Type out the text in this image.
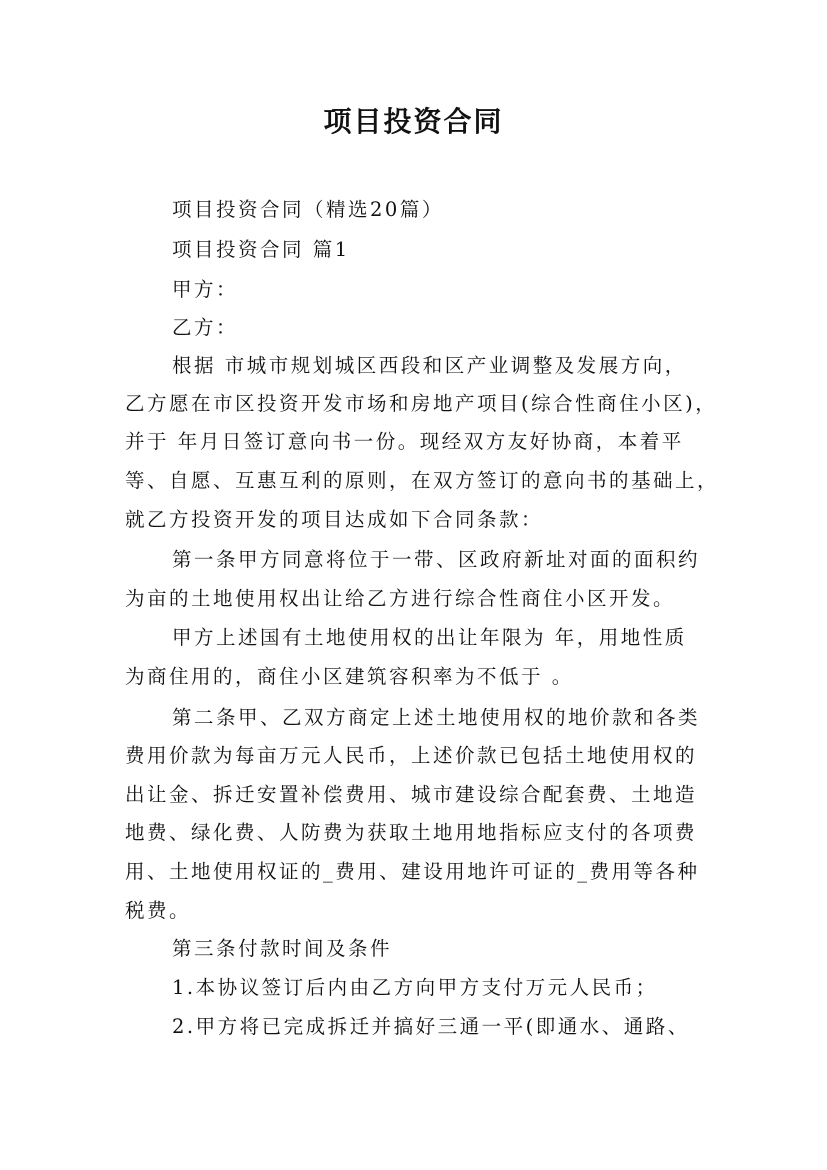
项目投资合同
项目投资合同（精选20篇）
项目投资合同 篇1
甲方：
乙方：
根据 市城市规划城区西段和区产业调整及发展方向，
乙方愿在市区投资开发市场和房地产项目(综合性商住小区)，
并于 年月日签订意向书一份。现经双方友好协商，本着平
等、自愿、互惠互利的原则，在双方签订的意向书的基础上，
就乙方投资开发的项目达成如下合同条款：
第一条甲方同意将位于一带、区政府新址对面的面积约
为亩的土地使用权出让给乙方进行综合性商住小区开发。
甲方上述国有土地使用权的出让年限为 年，用地性质
为商住用的，商住小区建筑容积率为不低于 。
第二条甲、乙双方商定上述土地使用权的地价款和各类
费用价款为每亩万元人民币，上述价款已包括土地使用权的
出让金、拆迁安置补偿费用、城市建设综合配套费、土地造
地费、绿化费、人防费为获取土地用地指标应支付的各项费
用、土地使用权证的_费用、建设用地许可证的_费用等各种
税费。
第三条付款时间及条件
1.本协议签订后内由乙方向甲方支付万元人民币；
2.甲方将已完成拆迁并搞好三通一平(即通水、通路、
